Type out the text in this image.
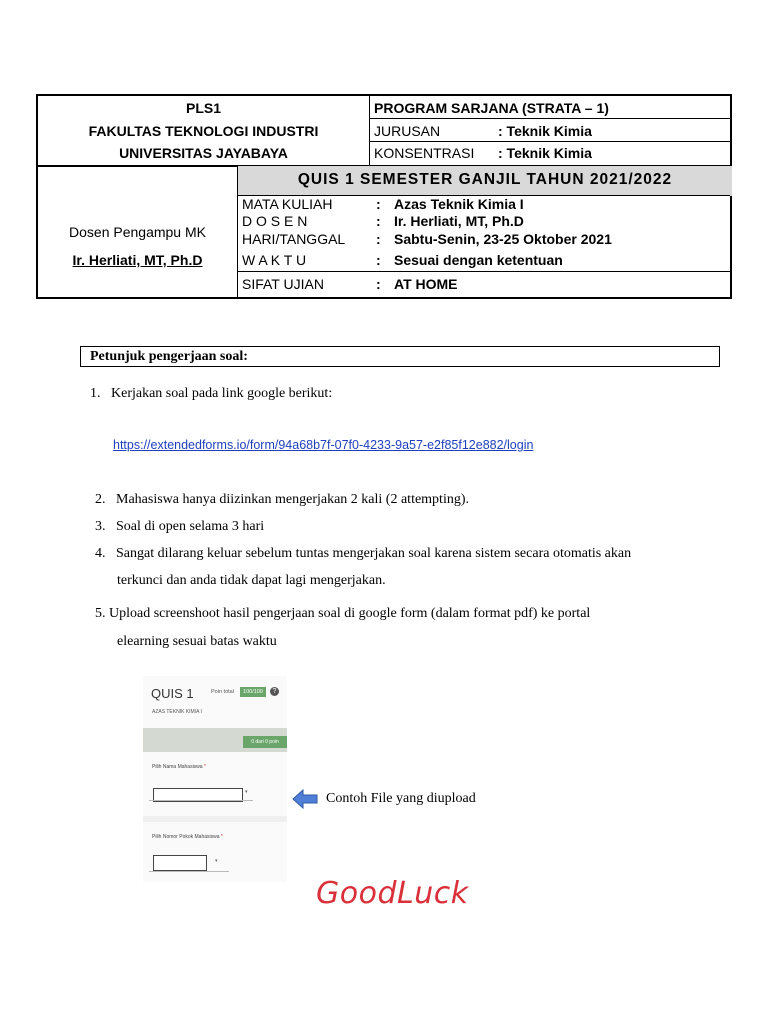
PLS1
FAKULTAS TEKNOLOGI INDUSTRI
UNIVERSITAS JAYABAYA
PROGRAM SARJANA (STRATA – 1)
JURUSAN	: Teknik Kimia
KONSENTRASI : Teknik Kimia
Dosen Pengampu MK
Ir. Herliati, MT, Ph.D
QUIS 1 SEMESTER GANJIL TAHUN 2021/2022
MATA KULIAH	: Azas Teknik Kimia I
D O S E N	: Ir. Herliati, MT, Ph.D
HARI/TANGGAL : Sabtu-Senin, 23-25 Oktober 2021
W A K T U	: Sesuai dengan ketentuan
SIFAT UJIAN	: AT HOME
Petunjuk pengerjaan soal:
1.   Kerjakan soal pada link google berikut:
https://extendedforms.io/form/94a68b7f-07f0-4233-9a57-e2f85f12e882/login
2.   Mahasiswa hanya diizinkan mengerjakan 2 kali (2 attempting).
3.   Soal di open selama 3 hari
4.   Sangat dilarang keluar sebelum tuntas mengerjakan soal karena sistem secara otomatis akan
terkunci dan anda tidak dapat lagi mengerjakan.
5. Upload screenshoot hasil pengerjaan soal di google form (dalam format pdf) ke portal
elearning sesuai batas waktu
QUIS 1	Poin total	100/100	?
AZAS TEKNIK KIMIA I
0 dari 0 poin
Pilih Nama Mahasiswa *
▾
Pilih Nomor Pokok Mahasiswa *
▾
Contoh File yang diupload
GoodLuck
